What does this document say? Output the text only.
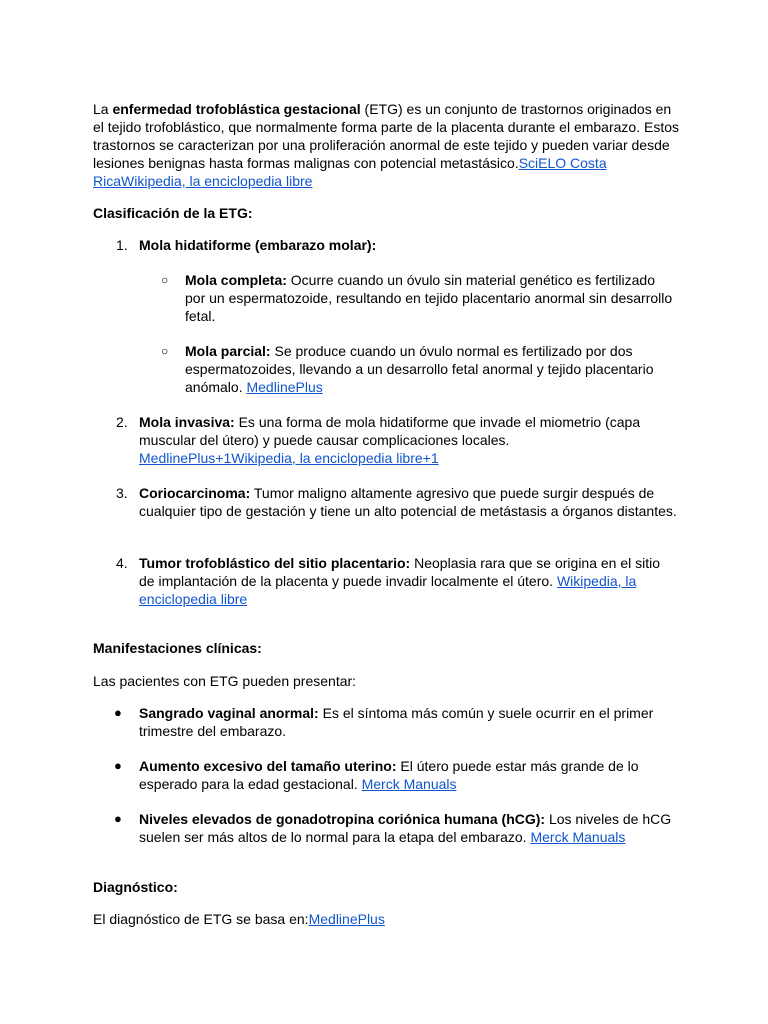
La enfermedad trofoblástica gestacional (ETG) es un conjunto de trastornos originados en el tejido trofoblástico, que normalmente forma parte de la placenta durante el embarazo. Estos trastornos se caracterizan por una proliferación anormal de este tejido y pueden variar desde lesiones benignas hasta formas malignas con potencial metastásico.SciELO Costa RicaWikipedia, la enciclopedia libre

Clasificación de la ETG:

1. Mola hidatiforme (embarazo molar):

○ Mola completa: Ocurre cuando un óvulo sin material genético es fertilizado por un espermatozoide, resultando en tejido placentario anormal sin desarrollo fetal.

○ Mola parcial: Se produce cuando un óvulo normal es fertilizado por dos espermatozoides, llevando a un desarrollo fetal anormal y tejido placentario anómalo. MedlinePlus

2. Mola invasiva: Es una forma de mola hidatiforme que invade el miometrio (capa muscular del útero) y puede causar complicaciones locales.
MedlinePlus+1Wikipedia, la enciclopedia libre+1

3. Coriocarcinoma: Tumor maligno altamente agresivo que puede surgir después de cualquier tipo de gestación y tiene un alto potencial de metástasis a órganos distantes.

4. Tumor trofoblástico del sitio placentario: Neoplasia rara que se origina en el sitio de implantación de la placenta y puede invadir localmente el útero. Wikipedia, la enciclopedia libre

Manifestaciones clínicas:

Las pacientes con ETG pueden presentar:

● Sangrado vaginal anormal: Es el síntoma más común y suele ocurrir en el primer trimestre del embarazo.

● Aumento excesivo del tamaño uterino: El útero puede estar más grande de lo esperado para la edad gestacional. Merck Manuals

● Niveles elevados de gonadotropina coriónica humana (hCG): Los niveles de hCG suelen ser más altos de lo normal para la etapa del embarazo. Merck Manuals

Diagnóstico:

El diagnóstico de ETG se basa en:MedlinePlus
